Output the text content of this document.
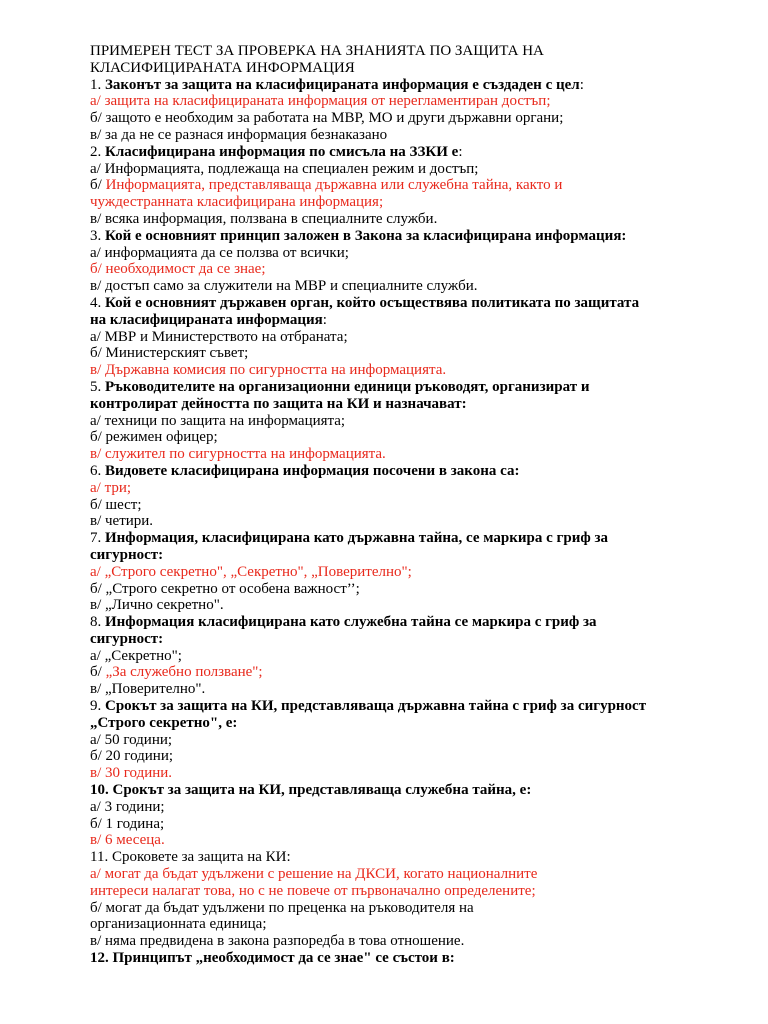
ПРИМЕРЕН ТЕСТ ЗА ПРОВЕРКА НА ЗНАНИЯТА ПО ЗАЩИТА НА
КЛАСИФИЦИРАНАТА ИНФОРМАЦИЯ
1. Законът за защита на класифицираната информация е създаден с цел:
а/ защита на класифицираната информация от нерегламентиран достъп;
б/ защото е необходим за работата на МВР, МО и други държавни органи;
в/ за да не се разнася информация безнаказано
2. Класифицирана информация по смисъла на ЗЗКИ е:
а/ Информацията, подлежаща на специален режим и достъп;
б/ Информацията, представляваща държавна или служебна тайна, както и
чуждестранната класифицирана информация;
в/ всяка информация, ползвана в специалните служби.
3. Кой е основният принцип заложен в Закона за класифицирана информация:
а/ информацията да се ползва от всички;
б/ необходимост да се знае;
в/ достъп само за служители на МВР и специалните служби.
4. Кой е основният държавен орган, който осъществява политиката по защитата
на класифицираната информация:
а/ МВР и Министерството на отбраната;
б/ Министерският съвет;
в/ Държавна комисия по сигурността на информацията.
5. Ръководителите на организационни единици ръководят, организират и
контролират дейността по защита на КИ и назначават:
а/ техници по защита на информацията;
б/ режимен офицер;
в/ служител по сигурността на информацията.
6. Видовете класифицирана информация посочени в закона са:
а/ три;
б/ шест;
в/ четири.
7. Информация, класифицирана като държавна тайна, се маркира с гриф за
сигурност:
а/ „Строго секретно", „Секретно", „Поверително";
б/ „Строго секретно от особена важност’’;
в/ „Лично секретно".
8. Информация класифицирана като служебна тайна се маркира с гриф за
сигурност:
а/ „Секретно";
б/ „За служебно ползване";
в/ „Поверително".
9. Срокът за защита на КИ, представляваща държавна тайна с гриф за сигурност
„Строго секретно", е:
а/ 50 години;
б/ 20 години;
в/ 30 години.
10. Срокът за защита на КИ, представляваща служебна тайна, е:
а/ 3 години;
б/ 1 година;
в/ 6 месеца.
11. Сроковете за защита на КИ:
а/ могат да бъдат удължени с решение на ДКСИ, когато националните
интереси налагат това, но с не повече от първоначално определените;
б/ могат да бъдат удължени по преценка на ръководителя на
организационната единица;
в/ няма предвидена в закона разпоредба в това отношение.
12. Принципът „необходимост да се знае" се състои в:
